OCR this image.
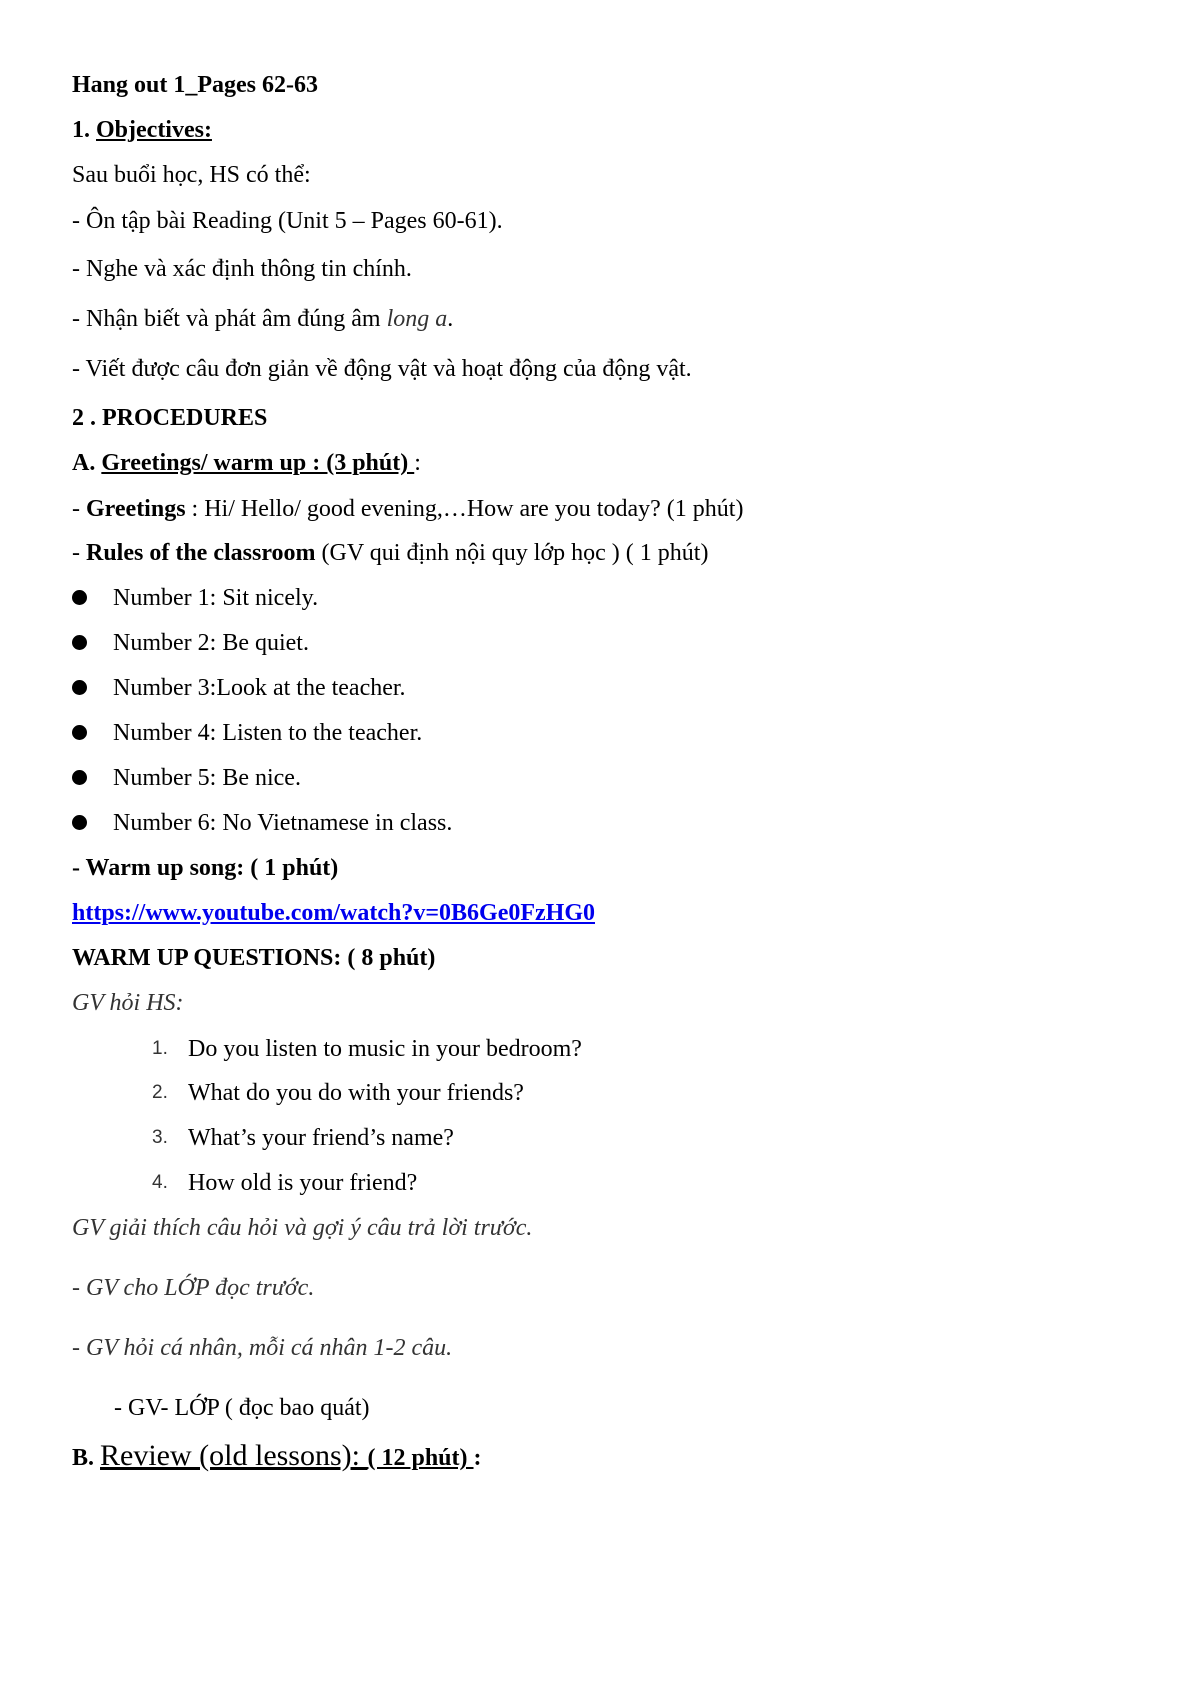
Hang out 1_Pages 62-63

1. Objectives:

Sau buổi học, HS có thể:

- Ôn tập bài Reading (Unit 5 – Pages 60-61).

- Nghe và xác định thông tin chính.

- Nhận biết và phát âm đúng âm long a.

- Viết được câu đơn giản về động vật và hoạt động của động vật.

2 . PROCEDURES

A. Greetings/ warm up : (3 phút) :

- Greetings : Hi/ Hello/ good evening,…How are you today? (1 phút)

- Rules of the classroom (GV qui định nội quy lớp học ) ( 1 phút)

Number 1: Sit nicely.
Number 2: Be quiet.
Number 3:Look at the teacher.
Number 4: Listen to the teacher.
Number 5: Be nice.
Number 6: No Vietnamese in class.

- Warm up song: ( 1 phút)

https://www.youtube.com/watch?v=0B6Ge0FzHG0

WARM UP QUESTIONS: ( 8 phút)

GV hỏi HS:

1. Do you listen to music in your bedroom?
2. What do you do with your friends?
3. What’s your friend’s name?
4. How old is your friend?

GV giải thích câu hỏi và gợi ý câu trả lời trước.

- GV cho LỚP đọc trước.

- GV hỏi cá nhân, mỗi cá nhân 1-2 câu.

- GV- LỚP ( đọc bao quát)

B. Review (old lessons): ( 12 phút) :
